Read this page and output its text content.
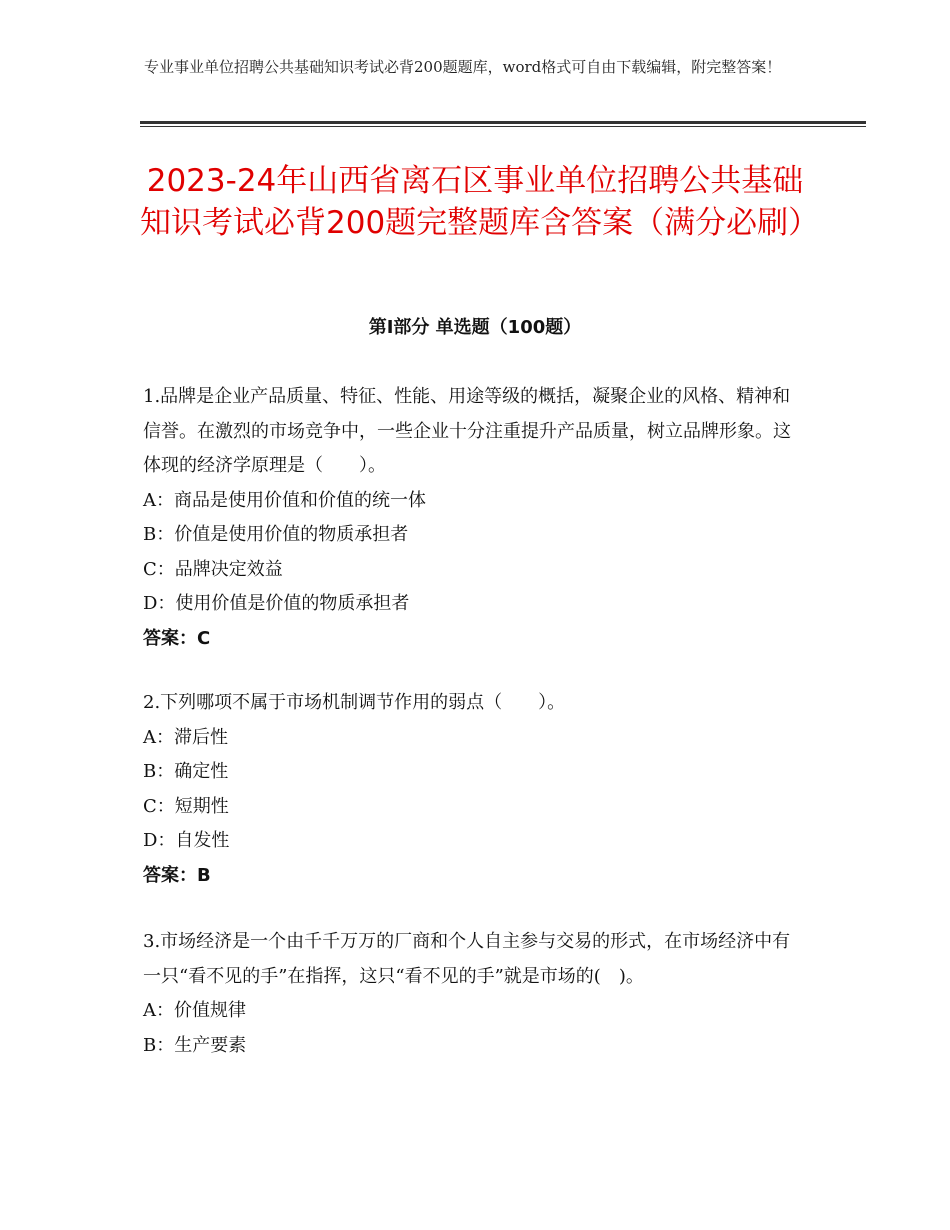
专业事业单位招聘公共基础知识考试必背200题题库，word格式可自由下载编辑，附完整答案！
2023-24年山西省离石区事业单位招聘公共基础知识考试必背200题完整题库含答案（满分必刷）
第Ⅰ部分 单选题（100题）
1.品牌是企业产品质量、特征、性能、用途等级的概括，凝聚企业的风格、精神和信誉。在激烈的市场竞争中，一些企业十分注重提升产品质量，树立品牌形象。这体现的经济学原理是（　　）。
A：商品是使用价值和价值的统一体
B：价值是使用价值的物质承担者
C：品牌决定效益
D：使用价值是价值的物质承担者
答案：C
2.下列哪项不属于市场机制调节作用的弱点（　　）。
A：滞后性
B：确定性
C：短期性
D：自发性
答案：B
3.市场经济是一个由千千万万的厂商和个人自主参与交易的形式，在市场经济中有一只“看不见的手”在指挥，这只“看不见的手”就是市场的(　)。
A：价值规律
B：生产要素
